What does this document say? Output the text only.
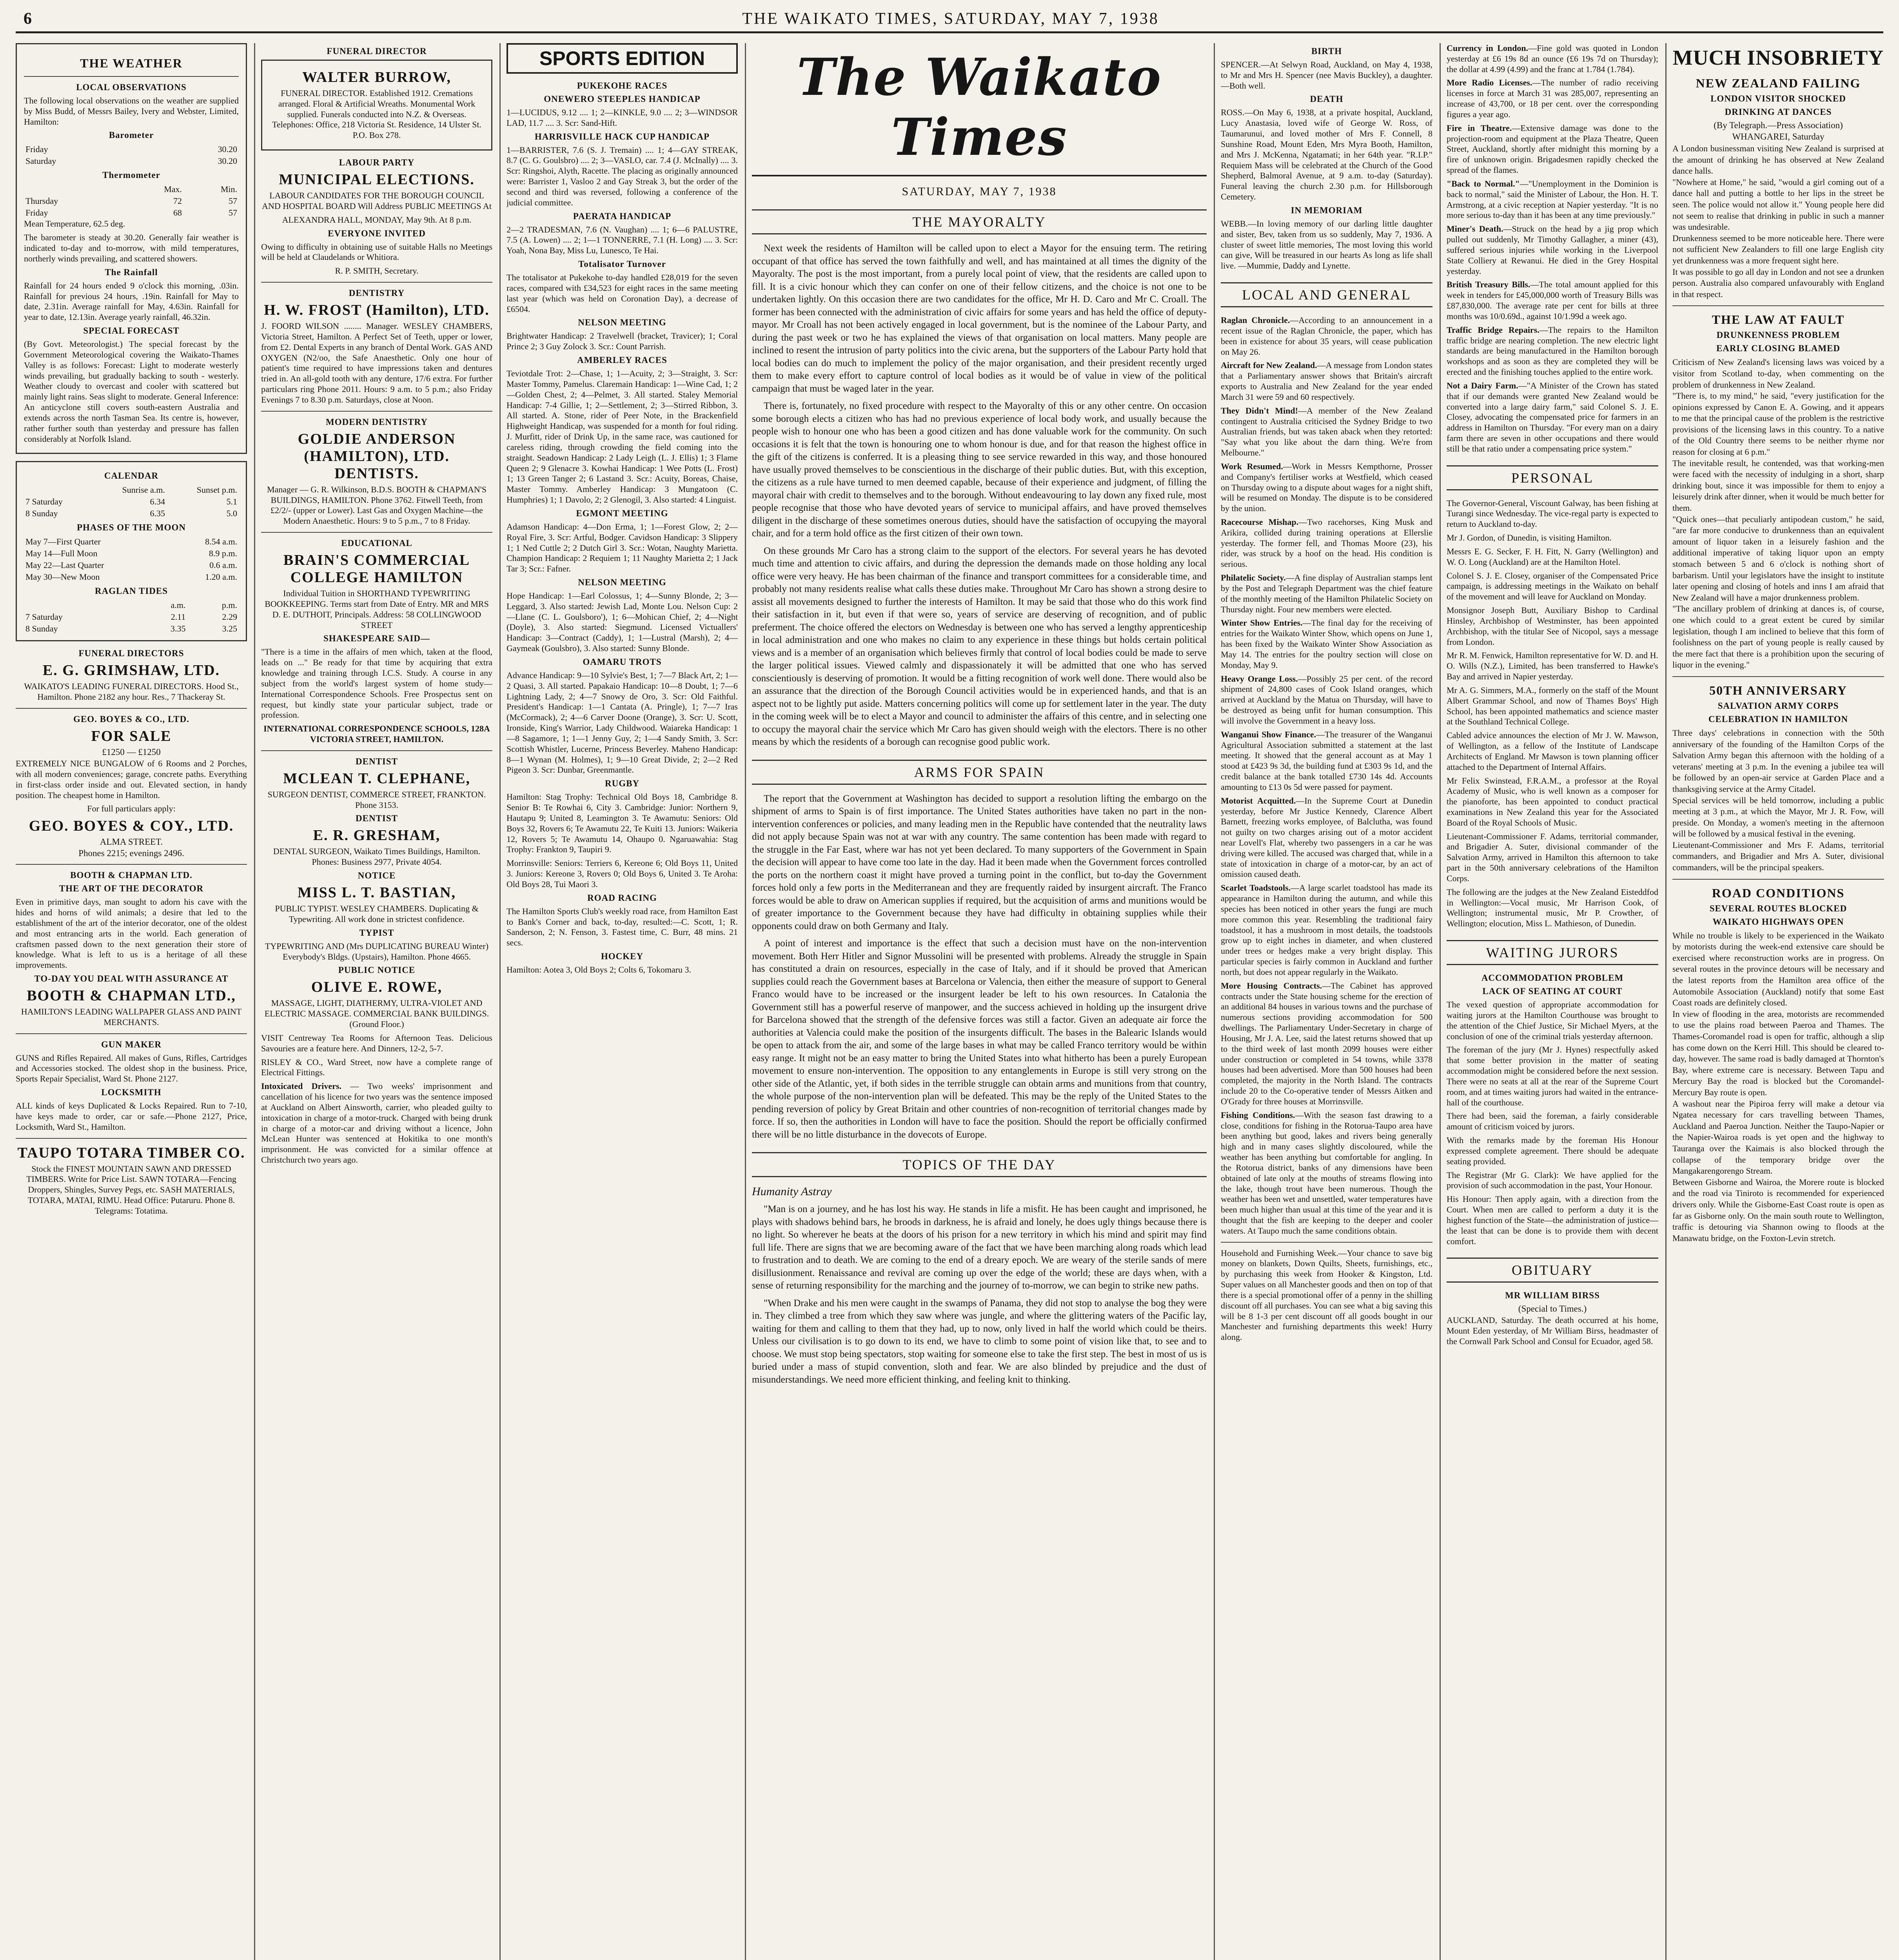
6	THE WAIKATO TIMES, SATURDAY, MAY 7, 1938
THE WEATHER
LOCAL OBSERVATIONS

The following local observations on the weather are supplied by Miss Budd, of Messrs Bailey, Ivery and Webster, Limited, Hamilton:

Barometer
Friday	30.20
Saturday	30.20
Thermometer
	Max.	Min.
Thursday	72	57
Friday	68	57

Mean Temperature, 62.5 deg.

The barometer is steady at 30.20. Generally fair weather is indicated to-day and to-morrow, with mild temperatures, northerly winds prevailing, and scattered showers.

The Rainfall

Rainfall for 24 hours ended 9 o'clock this morning, .03in. Rainfall for previous 24 hours, .19in. Rainfall for May to date, 2.31in. Average rainfall for May, 4.63in. Rainfall for year to date, 12.13in. Average yearly rainfall, 46.32in.

SPECIAL FORECAST

(By Govt. Meteorologist.) The special forecast by the Government Meteorological covering the Waikato-Thames Valley is as follows: Forecast: Light to moderate westerly winds prevailing, but gradually backing to south - westerly. Weather cloudy to overcast and cooler with scattered but mainly light rains. Seas slight to moderate. General Inference: An anticyclone still covers south-eastern Australia and extends across the north Tasman Sea. Its centre is, however, rather further south than yesterday and pressure has fallen considerably at Norfolk Island.

CALENDAR
	Sunrise a.m.	Sunset p.m.
7 Saturday	6.34	5.1
8 Sunday	6.35	5.0
PHASES OF THE MOON
May 7—First Quarter	8.54 a.m.
May 14—Full Moon	8.9 p.m.
May 22—Last Quarter	0.6 a.m.
May 30—New Moon	1.20 a.m.
RAGLAN TIDES
	a.m.	p.m.
7 Saturday	2.11	2.29
8 Sunday	3.35	3.25
FUNERAL DIRECTORS
E. G. GRIMSHAW, LTD.

WAIKATO'S LEADING FUNERAL DIRECTORS. Hood St., Hamilton. Phone 2182 any hour. Res., 7 Thackeray St.

GEO. BOYES & CO., LTD.
FOR SALE
£1250 — £1250

EXTREMELY NICE BUNGALOW of 6 Rooms and 2 Porches, with all modern conveniences; garage, concrete paths. Everything in first-class order inside and out. Elevated section, in handy position. The cheapest home in Hamilton.

For full particulars apply:

GEO. BOYES & COY., LTD.
ALMA STREET.
Phones 2215; evenings 2496.
BOOTH & CHAPMAN LTD.
THE ART OF THE DECORATOR

Even in primitive days, man sought to adorn his cave with the hides and horns of wild animals; a desire that led to the establishment of the art of the interior decorator, one of the oldest and most entrancing arts in the world. Each generation of craftsmen passed down to the next generation their store of knowledge. What is left to us is a heritage of all these improvements.

TO-DAY YOU DEAL WITH ASSURANCE AT
BOOTH & CHAPMAN LTD.,

HAMILTON'S LEADING WALLPAPER GLASS AND PAINT MERCHANTS.

GUN MAKER

GUNS and Rifles Repaired. All makes of Guns, Rifles, Cartridges and Accessories stocked. The oldest shop in the business. Price, Sports Repair Specialist, Ward St. Phone 2127.

LOCKSMITH

ALL kinds of keys Duplicated & Locks Repaired. Run to 7-10, have keys made to order, car or safe.—Phone 2127, Price, Locksmith, Ward St., Hamilton.

TAUPO TOTARA TIMBER CO.

Stock the FINEST MOUNTAIN SAWN AND DRESSED TIMBERS. Write for Price List. SAWN TOTARA—Fencing Droppers, Shingles, Survey Pegs, etc. SASH MATERIALS, TOTARA, MATAI, RIMU. Head Office: Putaruru. Phone 8. Telegrams: Totatima.

FUNERAL DIRECTOR
WALTER BURROW,

FUNERAL DIRECTOR. Established 1912. Cremations arranged. Floral & Artificial Wreaths. Monumental Work supplied. Funerals conducted into N.Z. & Overseas. Telephones: Office, 218 Victoria St. Residence, 14 Ulster St. P.O. Box 278.

LABOUR PARTY
MUNICIPAL ELECTIONS.

LABOUR CANDIDATES FOR THE BOROUGH COUNCIL AND HOSPITAL BOARD Will Address PUBLIC MEETINGS At

ALEXANDRA HALL, MONDAY, May 9th. At 8 p.m.

EVERYONE INVITED

Owing to difficulty in obtaining use of suitable Halls no Meetings will be held at Claudelands or Whitiora.

R. P. SMITH, Secretary.

DENTISTRY
H. W. FROST (Hamilton), LTD.

J. FOORD WILSON ........ Manager. WESLEY CHAMBERS, Victoria Street, Hamilton. A Perfect Set of Teeth, upper or lower, from £2. Dental Experts in any branch of Dental Work. GAS AND OXYGEN (N2/oo, the Safe Anaesthetic. Only one hour of patient's time required to have impressions taken and dentures tried in. An all-gold tooth with any denture, 17/6 extra. For further particulars ring Phone 2011. Hours: 9 a.m. to 5 p.m.; also Friday Evenings 7 to 8.30 p.m. Saturdays, close at Noon.

MODERN DENTISTRY
GOLDIE ANDERSON (HAMILTON), LTD. DENTISTS.

Manager — G. R. Wilkinson, B.D.S. BOOTH & CHAPMAN'S BUILDINGS, HAMILTON. Phone 3762. Fitwell Teeth, from £2/2/- (upper or Lower). Last Gas and Oxygen Machine—the Modern Anaesthetic. Hours: 9 to 5 p.m., 7 to 8 Friday.

EDUCATIONAL
BRAIN'S COMMERCIAL COLLEGE HAMILTON

Individual Tuition in SHORTHAND TYPEWRITING BOOKKEEPING. Terms start from Date of Entry. MR and MRS D. E. DUTHOIT, Principals. Address: 58 COLLINGWOOD STREET

SHAKESPEARE SAID—

"There is a time in the affairs of men which, taken at the flood, leads on ..." Be ready for that time by acquiring that extra knowledge and training through I.C.S. Study. A course in any subject from the world's largest system of home study—International Correspondence Schools. Free Prospectus sent on request, but kindly state your particular subject, trade or profession.

INTERNATIONAL CORRESPONDENCE SCHOOLS, 128A VICTORIA STREET, HAMILTON.

DENTIST
MCLEAN T. CLEPHANE,

SURGEON DENTIST, COMMERCE STREET, FRANKTON. Phone 3153.

DENTIST
E. R. GRESHAM,

DENTAL SURGEON, Waikato Times Buildings, Hamilton. Phones: Business 2977, Private 4054.

NOTICE
MISS L. T. BASTIAN,

PUBLIC TYPIST. WESLEY CHAMBERS. Duplicating & Typewriting. All work done in strictest confidence.

TYPIST

TYPEWRITING AND (Mrs DUPLICATING BUREAU Winter) Everybody's Bldgs. (Upstairs), Hamilton. Phone 4665.

PUBLIC NOTICE
OLIVE E. ROWE,

MASSAGE, LIGHT, DIATHERMY, ULTRA-VIOLET AND ELECTRIC MASSAGE. COMMERCIAL BANK BUILDINGS. (Ground Floor.)

VISIT Centreway Tea Rooms for Afternoon Teas. Delicious Savouries are a feature here. And Dinners, 12-2, 5-7.

RISLEY & CO., Ward Street, now have a complete range of Electrical Fittings.

Intoxicated Drivers. — Two weeks' imprisonment and cancellation of his licence for two years was the sentence imposed at Auckland on Albert Ainsworth, carrier, who pleaded guilty to intoxication in charge of a motor-truck. Charged with being drunk in charge of a motor-car and driving without a licence, John McLean Hunter was sentenced at Hokitika to one month's imprisonment. He was convicted for a similar offence at Christchurch two years ago.

SPORTS EDITION
PUKEKOHE RACES
ONEWERO STEEPLES HANDICAP

1—LUCIDUS, 9.12 .... 1; 2—KINKLE, 9.0 .... 2; 3—WINDSOR LAD, 11.7 .... 3. Scr: Sand-Hift.

HARRISVILLE HACK CUP HANDICAP

1—BARRISTER, 7.6 (S. J. Tremain) .... 1; 4—GAY STREAK, 8.7 (C. G. Goulsbro) .... 2; 3—VASLO, car. 7.4 (J. McInally) .... 3. Scr: Ringshoi, Alyth, Racette. The placing as originally announced were: Barrister 1, Vasloo 2 and Gay Streak 3, but the order of the second and third was reversed, following a conference of the judicial committee.

PAERATA HANDICAP

2—2 TRADESMAN, 7.6 (N. Vaughan) .... 1; 6—6 PALUSTRE, 7.5 (A. Lowen) .... 2; 1—1 TONNERRE, 7.1 (H. Long) .... 3. Scr: Yoah, Nona Bay, Miss Lu, Lunesco, Te Hai.

Totalisator Turnover

The totalisator at Pukekohe to-day handled £28,019 for the seven races, compared with £34,523 for eight races in the same meeting last year (which was held on Coronation Day), a decrease of £6504.

NELSON MEETING

Brightwater Handicap: 2 Travelwell (bracket, Travicer); 1; Coral Prince 2; 3 Guy Zolock 3. Scr.: Count Parrish.

AMBERLEY RACES

Teviotdale Trot: 2—Chase, 1; 1—Acuity, 2; 3—Straight, 3. Scr: Master Tommy, Pamelus. Claremain Handicap: 1—Wine Cad, 1; 2—Golden Chest, 2; 4—Pelmet, 3. All started. Staley Memorial Handicap: 7-4 Gillie, 1; 2—Settlement, 2; 3—Stirred Ribbon, 3. All started. A. Stone, rider of Peer Note, in the Brackenfield Highweight Handicap, was suspended for a month for foul riding. J. Murfitt, rider of Drink Up, in the same race, was cautioned for careless riding, through crowding the field coming into the straight. Seadown Handicap: 2 Lady Leigh (L. J. Ellis) 1; 3 Flame Queen 2; 9 Glenacre 3. Kowhai Handicap: 1 Wee Potts (L. Frost) 1; 13 Green Tanger 2; 6 Lastand 3. Scr.: Acuity, Boreas, Chaise, Master Tommy. Amberley Handicap: 3 Mungatoon (C. Humphries) 1; 1 Davolo, 2; 2 Glenogil, 3. Also started: 4 Linguist.

EGMONT MEETING

Adamson Handicap: 4—Don Erma, 1; 1—Forest Glow, 2; 2—Royal Fire, 3. Scr: Artful, Bodger. Cavidson Handicap: 3 Slippery 1; 1 Ned Cuttle 2; 2 Dutch Girl 3. Scr.: Wotan, Naughty Marietta. Champion Handicap: 2 Requiem 1; 11 Naughty Marietta 2; 1 Jack Tar 3; Scr.: Fafner.

NELSON MEETING

Hope Handicap: 1—Earl Colossus, 1; 4—Sunny Blonde, 2; 3—Leggard, 3. Also started: Jewish Lad, Monte Lou. Nelson Cup: 2—Llane (C. L. Goulsboro'), 1; 6—Mohican Chief, 2; 4—Night (Doyle), 3. Also started: Siegmund. Licensed Victuallers' Handicap: 3—Contract (Caddy), 1; 1—Lustral (Marsh), 2; 4—Gaymeak (Goulsbro), 3. Also started: Sunny Blonde.

OAMARU TROTS

Advance Handicap: 9—10 Sylvie's Best, 1; 7—7 Black Art, 2; 1—2 Quasi, 3. All started. Papakaio Handicap: 10—8 Doubt, 1; 7—6 Lightning Lady, 2; 4—7 Snowy de Oro, 3. Scr: Old Faithful. President's Handicap: 1—1 Cantata (A. Pringle), 1; 7—7 Iras (McCormack), 2; 4—6 Carver Doone (Orange), 3. Scr: U. Scott, Ironside, King's Warrior, Lady Childwood. Waiareka Handicap: 1—8 Sagamore, 1; 1—1 Jenny Guy, 2; 1—4 Sandy Smith, 3. Scr: Scottish Whistler, Lucerne, Princess Beverley. Maheno Handicap: 8—1 Wynan (M. Holmes), 1; 9—10 Great Divide, 2; 2—2 Red Pigeon 3. Scr: Dunbar, Greenmantle.

RUGBY

Hamilton: Stag Trophy: Technical Old Boys 18, Cambridge 8. Senior B: Te Rowhai 6, City 3. Cambridge: Junior: Northern 9, Hautapu 9; United 8, Leamington 3. Te Awamutu: Seniors: Old Boys 32, Rovers 6; Te Awamutu 22, Te Kuiti 13. Juniors: Waikeria 12, Rovers 5; Te Awamutu 14, Ohaupo 0. Ngaruawahia: Stag Trophy: Frankton 9, Taupiri 9.

Morrinsville: Seniors: Terriers 6, Kereone 6; Old Boys 11, United 3. Juniors: Kereone 3, Rovers 0; Old Boys 6, United 3. Te Aroha: Old Boys 28, Tui Maori 3.

ROAD RACING

The Hamilton Sports Club's weekly road race, from Hamilton East to Bank's Corner and back, to-day, resulted:—C. Scott, 1; R. Sanderson, 2; N. Fenson, 3. Fastest time, C. Burr, 48 mins. 21 secs.

HOCKEY

Hamilton: Aotea 3, Old Boys 2; Colts 6, Tokomaru 3.

The Waikato Times
SATURDAY, MAY 7, 1938
THE MAYORALTY

Next week the residents of Hamilton will be called upon to elect a Mayor for the ensuing term. The retiring occupant of that office has served the town faithfully and well, and has maintained at all times the dignity of the Mayoralty. The post is the most important, from a purely local point of view, that the residents are called upon to fill. It is a civic honour which they can confer on one of their fellow citizens, and the choice is not one to be undertaken lightly. On this occasion there are two candidates for the office, Mr H. D. Caro and Mr C. Croall. The former has been connected with the administration of civic affairs for some years and has held the office of deputy-mayor. Mr Croall has not been actively engaged in local government, but is the nominee of the Labour Party, and during the past week or two he has explained the views of that organisation on local matters. Many people are inclined to resent the intrusion of party politics into the civic arena, but the supporters of the Labour Party hold that local bodies can do much to implement the policy of the major organisation, and their president recently urged them to make every effort to capture control of local bodies as it would be of value in view of the political campaign that must be waged later in the year.

There is, fortunately, no fixed procedure with respect to the Mayoralty of this or any other centre. On occasion some borough elects a citizen who has had no previous experience of local body work, and usually because the people wish to honour one who has been a good citizen and has done valuable work for the community. On such occasions it is felt that the town is honouring one to whom honour is due, and for that reason the highest office in the gift of the citizens is conferred. It is a pleasing thing to see service rewarded in this way, and those honoured have usually proved themselves to be conscientious in the discharge of their public duties. But, with this exception, the citizens as a rule have turned to men deemed capable, because of their experience and judgment, of filling the mayoral chair with credit to themselves and to the borough. Without endeavouring to lay down any fixed rule, most people recognise that those who have devoted years of service to municipal affairs, and have proved themselves diligent in the discharge of these sometimes onerous duties, should have the satisfaction of occupying the mayoral chair, and for a term hold office as the first citizen of their own town.

On these grounds Mr Caro has a strong claim to the support of the electors. For several years he has devoted much time and attention to civic affairs, and during the depression the demands made on those holding any local office were very heavy. He has been chairman of the finance and transport committees for a considerable time, and probably not many residents realise what calls these duties make. Throughout Mr Caro has shown a strong desire to assist all movements designed to further the interests of Hamilton. It may be said that those who do this work find their satisfaction in it, but even if that were so, years of service are deserving of recognition, and of public preferment. The choice offered the electors on Wednesday is between one who has served a lengthy apprenticeship in local administration and one who makes no claim to any experience in these things but holds certain political views and is a member of an organisation which believes firmly that control of local bodies could be made to serve the larger political issues. Viewed calmly and dispassionately it will be admitted that one who has served conscientiously is deserving of promotion. It would be a fitting recognition of work well done. There would also be an assurance that the direction of the Borough Council activities would be in experienced hands, and that is an aspect not to be lightly put aside. Matters concerning politics will come up for settlement later in the year. The duty in the coming week will be to elect a Mayor and council to administer the affairs of this centre, and in selecting one to occupy the mayoral chair the service which Mr Caro has given should weigh with the electors. There is no other means by which the residents of a borough can recognise good public work.

ARMS FOR SPAIN

The report that the Government at Washington has decided to support a resolution lifting the embargo on the shipment of arms to Spain is of first importance. The United States authorities have taken no part in the non-intervention conferences or policies, and many leading men in the Republic have contended that the neutrality laws did not apply because Spain was not at war with any country. The same contention has been made with regard to the struggle in the Far East, where war has not yet been declared. To many supporters of the Government in Spain the decision will appear to have come too late in the day. Had it been made when the Government forces controlled the ports on the northern coast it might have proved a turning point in the conflict, but to-day the Government forces hold only a few ports in the Mediterranean and they are frequently raided by insurgent aircraft. The Franco forces would be able to draw on American supplies if required, but the acquisition of arms and munitions would be of greater importance to the Government because they have had difficulty in obtaining supplies while their opponents could draw on both Germany and Italy.

A point of interest and importance is the effect that such a decision must have on the non-intervention movement. Both Herr Hitler and Signor Mussolini will be presented with problems. Already the struggle in Spain has constituted a drain on resources, especially in the case of Italy, and if it should be proved that American supplies could reach the Government bases at Barcelona or Valencia, then either the measure of support to General Franco would have to be increased or the insurgent leader be left to his own resources. In Catalonia the Government still has a powerful reserve of manpower, and the success achieved in holding up the insurgent drive for Barcelona showed that the strength of the defensive forces was still a factor. Given an adequate air force the authorities at Valencia could make the position of the insurgents difficult. The bases in the Balearic Islands would be open to attack from the air, and some of the large bases in what may be called Franco territory would be within easy range. It might not be an easy matter to bring the United States into what hitherto has been a purely European movement to ensure non-intervention. The opposition to any entanglements in Europe is still very strong on the other side of the Atlantic, yet, if both sides in the terrible struggle can obtain arms and munitions from that country, the whole purpose of the non-intervention plan will be defeated. This may be the reply of the United States to the pending reversion of policy by Great Britain and other countries of non-recognition of territorial changes made by force. If so, then the authorities in London will have to face the position. Should the report be officially confirmed there will be no little disturbance in the dovecots of Europe.

TOPICS OF THE DAY
Humanity Astray

"Man is on a journey, and he has lost his way. He stands in life a misfit. He has been caught and imprisoned, he plays with shadows behind bars, he broods in darkness, he is afraid and lonely, he does ugly things because there is no light. So wherever he beats at the doors of his prison for a new territory in which his mind and spirit may find full life. There are signs that we are becoming aware of the fact that we have been marching along roads which lead to frustration and to death. We are coming to the end of a dreary epoch. We are weary of the sterile sands of mere disillusionment. Renaissance and revival are coming up over the edge of the world; these are days when, with a sense of returning responsibility for the marching and the journey of to-morrow, we can begin to strike new paths.

"When Drake and his men were caught in the swamps of Panama, they did not stop to analyse the bog they were in. They climbed a tree from which they saw where was jungle, and where the glittering waters of the Pacific lay, waiting for them and calling to them that they had, up to now, only lived in half the world which could be theirs. Unless our civilisation is to go down to its end, we have to climb to some point of vision like that, to see and to choose. We must stop being spectators, stop waiting for someone else to take the first step. The best in most of us is buried under a mass of stupid convention, sloth and fear. We are also blinded by prejudice and the dust of misunderstandings. We need more efficient thinking, and feeling knit to thinking.

BIRTH

SPENCER.—At Selwyn Road, Auckland, on May 4, 1938, to Mr and Mrs H. Spencer (nee Mavis Buckley), a daughter.—Both well.

DEATH

ROSS.—On May 6, 1938, at a private hospital, Auckland, Lucy Anastasia, loved wife of George W. Ross, of Taumarunui, and loved mother of Mrs F. Connell, 8 Sunshine Road, Mount Eden, Mrs Myra Booth, Hamilton, and Mrs J. McKenna, Ngatamati; in her 64th year. "R.I.P." Requiem Mass will be celebrated at the Church of the Good Shepherd, Balmoral Avenue, at 9 a.m. to-day (Saturday). Funeral leaving the church 2.30 p.m. for Hillsborough Cemetery.

IN MEMORIAM

WEBB.—In loving memory of our darling little daughter and sister, Bev, taken from us so suddenly, May 7, 1936. A cluster of sweet little memories, The most loving this world can give, Will be treasured in our hearts As long as life shall live. —Mummie, Daddy and Lynette.

LOCAL AND GENERAL

Raglan Chronicle.—According to an announcement in a recent issue of the Raglan Chronicle, the paper, which has been in existence for about 35 years, will cease publication on May 26.

Aircraft for New Zealand.—A message from London states that a Parliamentary answer shows that Britain's aircraft exports to Australia and New Zealand for the year ended March 31 were 59 and 60 respectively.

They Didn't Mind!—A member of the New Zealand contingent to Australia criticised the Sydney Bridge to two Australian friends, but was taken aback when they retorted: "Say what you like about the darn thing. We're from Melbourne."

Work Resumed.—Work in Messrs Kempthorne, Prosser and Company's fertiliser works at Westfield, which ceased on Thursday owing to a dispute about wages for a night shift, will be resumed on Monday. The dispute is to be considered by the union.

Racecourse Mishap.—Two racehorses, King Musk and Arikira, collided during training operations at Ellerslie yesterday. The former fell, and Thomas Moore (23), his rider, was struck by a hoof on the head. His condition is serious.

Philatelic Society.—A fine display of Australian stamps lent by the Post and Telegraph Department was the chief feature of the monthly meeting of the Hamilton Philatelic Society on Thursday night. Four new members were elected.

Winter Show Entries.—The final day for the receiving of entries for the Waikato Winter Show, which opens on June 1, has been fixed by the Waikato Winter Show Association as May 14. The entries for the poultry section will close on Monday, May 9.

Heavy Orange Loss.—Possibly 25 per cent. of the record shipment of 24,800 cases of Cook Island oranges, which arrived at Auckland by the Matua on Thursday, will have to be destroyed as being unfit for human consumption. This will involve the Government in a heavy loss.

Wanganui Show Finance.—The treasurer of the Wanganui Agricultural Association submitted a statement at the last meeting. It showed that the general account as at May 1 stood at £423 9s 3d, the building fund at £303 9s 1d, and the credit balance at the bank totalled £730 14s 4d. Accounts amounting to £13 0s 5d were passed for payment.

Motorist Acquitted.—In the Supreme Court at Dunedin yesterday, before Mr Justice Kennedy, Clarence Albert Barnett, freezing works employee, of Balclutha, was found not guilty on two charges arising out of a motor accident near Lovell's Flat, whereby two passengers in a car he was driving were killed. The accused was charged that, while in a state of intoxication in charge of a motor-car, by an act of omission caused death.

Scarlet Toadstools.—A large scarlet toadstool has made its appearance in Hamilton during the autumn, and while this species has been noticed in other years the fungi are much more common this year. Resembling the traditional fairy toadstool, it has a mushroom in most details, the toadstools grow up to eight inches in diameter, and when clustered under trees or hedges make a very bright display. This particular species is fairly common in Auckland and further north, but does not appear regularly in the Waikato.

More Housing Contracts.—The Cabinet has approved contracts under the State housing scheme for the erection of an additional 84 houses in various towns and the purchase of numerous sections providing accommodation for 500 dwellings. The Parliamentary Under-Secretary in charge of Housing, Mr J. A. Lee, said the latest returns showed that up to the third week of last month 2099 houses were either under construction or completed in 54 towns, while 3378 houses had been advertised. More than 500 houses had been completed, the majority in the North Island. The contracts include 20 to the Co-operative tender of Messrs Aitken and O'Grady for three houses at Morrinsville.

Fishing Conditions.—With the season fast drawing to a close, conditions for fishing in the Rotorua-Taupo area have been anything but good, lakes and rivers being generally high and in many cases slightly discoloured, while the weather has been anything but comfortable for angling. In the Rotorua district, banks of any dimensions have been obtained of late only at the mouths of streams flowing into the lake, though trout have been numerous. Though the weather has been wet and unsettled, water temperatures have been much higher than usual at this time of the year and it is thought that the fish are keeping to the deeper and cooler waters. At Taupo much the same conditions obtain.

Household and Furnishing Week.—Your chance to save big money on blankets, Down Quilts, Sheets, furnishings, etc., by purchasing this week from Hooker & Kingston, Ltd. Super values on all Manchester goods and then on top of that there is a special promotional offer of a penny in the shilling discount off all purchases. You can see what a big saving this will be 8 1-3 per cent discount off all goods bought in our Manchester and furnishing departments this week! Hurry along.

Currency in London.—Fine gold was quoted in London yesterday at £6 19s 8d an ounce (£6 19s 7d on Thursday); the dollar at 4.99 (4.99) and the franc at 1.784 (1.784).

More Radio Licenses.—The number of radio receiving licenses in force at March 31 was 285,007, representing an increase of 43,700, or 18 per cent. over the corresponding figures a year ago.

Fire in Theatre.—Extensive damage was done to the projection-room and equipment at the Plaza Theatre, Queen Street, Auckland, shortly after midnight this morning by a fire of unknown origin. Brigadesmen rapidly checked the spread of the flames.

"Back to Normal."—"Unemployment in the Dominion is back to normal," said the Minister of Labour, the Hon. H. T. Armstrong, at a civic reception at Napier yesterday. "It is no more serious to-day than it has been at any time previously."

Miner's Death.—Struck on the head by a jig prop which pulled out suddenly, Mr Timothy Gallagher, a miner (43), suffered serious injuries while working in the Liverpool State Colliery at Rewanui. He died in the Grey Hospital yesterday.

British Treasury Bills.—The total amount applied for this week in tenders for £45,000,000 worth of Treasury Bills was £87,830,000. The average rate per cent for bills at three months was 10/0.69d., against 10/1.99d a week ago.

Traffic Bridge Repairs.—The repairs to the Hamilton traffic bridge are nearing completion. The new electric light standards are being manufactured in the Hamilton borough workshops and as soon as they are completed they will be erected and the finishing touches applied to the entire work.

Not a Dairy Farm.—"A Minister of the Crown has stated that if our demands were granted New Zealand would be converted into a large dairy farm," said Colonel S. J. E. Closey, advocating the compensated price for farmers in an address in Hamilton on Thursday. "For every man on a dairy farm there are seven in other occupations and there would still be that ratio under a compensating price system."

PERSONAL

The Governor-General, Viscount Galway, has been fishing at Turangi since Wednesday. The vice-regal party is expected to return to Auckland to-day.

Mr J. Gordon, of Dunedin, is visiting Hamilton.

Messrs E. G. Secker, F. H. Fitt, N. Garry (Wellington) and W. O. Long (Auckland) are at the Hamilton Hotel.

Colonel S. J. E. Closey, organiser of the Compensated Price campaign, is addressing meetings in the Waikato on behalf of the movement and will leave for Auckland on Monday.

Monsignor Joseph Butt, Auxiliary Bishop to Cardinal Hinsley, Archbishop of Westminster, has been appointed Archbishop, with the titular See of Nicopol, says a message from London.

Mr R. M. Fenwick, Hamilton representative for W. D. and H. O. Wills (N.Z.), Limited, has been transferred to Hawke's Bay and arrived in Napier yesterday.

Mr A. G. Simmers, M.A., formerly on the staff of the Mount Albert Grammar School, and now of Thames Boys' High School, has been appointed mathematics and science master at the Southland Technical College.

Cabled advice announces the election of Mr J. W. Mawson, of Wellington, as a fellow of the Institute of Landscape Architects of England. Mr Mawson is town planning officer attached to the Department of Internal Affairs.

Mr Felix Swinstead, F.R.A.M., a professor at the Royal Academy of Music, who is well known as a composer for the pianoforte, has been appointed to conduct practical examinations in New Zealand this year for the Associated Board of the Royal Schools of Music.

Lieutenant-Commissioner F. Adams, territorial commander, and Brigadier A. Suter, divisional commander of the Salvation Army, arrived in Hamilton this afternoon to take part in the 50th anniversary celebrations of the Hamilton Corps.

The following are the judges at the New Zealand Eisteddfod in Wellington:—Vocal music, Mr Harrison Cook, of Wellington; instrumental music, Mr P. Crowther, of Wellington; elocution, Miss L. Mathieson, of Dunedin.

WAITING JURORS
ACCOMMODATION PROBLEM
LACK OF SEATING AT COURT

The vexed question of appropriate accommodation for waiting jurors at the Hamilton Courthouse was brought to the attention of the Chief Justice, Sir Michael Myers, at the conclusion of one of the criminal trials yesterday afternoon.

The foreman of the jury (Mr J. Hynes) respectfully asked that some better provision in the matter of seating accommodation might be considered before the next session. There were no seats at all at the rear of the Supreme Court room, and at times waiting jurors had waited in the entrance-hall of the courthouse.

There had been, said the foreman, a fairly considerable amount of criticism voiced by jurors.

With the remarks made by the foreman His Honour expressed complete agreement. There should be adequate seating provided.

The Registrar (Mr G. Clark): We have applied for the provision of such accommodation in the past, Your Honour.

His Honour: Then apply again, with a direction from the Court. When men are called to perform a duty it is the highest function of the State—the administration of justice—the least that can be done is to provide them with decent comfort.

OBITUARY
MR WILLIAM BIRSS
(Special to Times.)

AUCKLAND, Saturday. The death occurred at his home, Mount Eden yesterday, of Mr William Birss, headmaster of the Cornwall Park School and Consul for Ecuador, aged 58.

MUCH INSOBRIETY
NEW ZEALAND FAILING
LONDON VISITOR SHOCKED
DRINKING AT DANCES
(By Telegraph.—Press Association)
WHANGAREI, Saturday

A London businessman visiting New Zealand is surprised at the amount of drinking he has observed at New Zealand dance halls.

"Nowhere at Home," he said, "would a girl coming out of a dance hall and putting a bottle to her lips in the street be seen. The police would not allow it." Young people here did not seem to realise that drinking in public in such a manner was undesirable.

Drunkenness seemed to be more noticeable here. There were not sufficient New Zealanders to fill one large English city yet drunkenness was a more frequent sight here.

It was possible to go all day in London and not see a drunken person. Australia also compared unfavourably with England in that respect.

THE LAW AT FAULT
DRUNKENNESS PROBLEM
EARLY CLOSING BLAMED

Criticism of New Zealand's licensing laws was voiced by a visitor from Scotland to-day, when commenting on the problem of drunkenness in New Zealand.

"There is, to my mind," he said, "every justification for the opinions expressed by Canon E. A. Gowing, and it appears to me that the principal cause of the problem is the restrictive provisions of the licensing laws in this country. To a native of the Old Country there seems to be neither rhyme nor reason for closing at 6 p.m."

The inevitable result, he contended, was that working-men were faced with the necessity of indulging in a short, sharp drinking bout, since it was impossible for them to enjoy a leisurely drink after dinner, when it would be much better for them.

"Quick ones—that peculiarly antipodean custom," he said, "are far more conducive to drunkenness than an equivalent amount of liquor taken in a leisurely fashion and the additional imperative of taking liquor upon an empty stomach between 5 and 6 o'clock is nothing short of barbarism. Until your legislators have the insight to institute later opening and closing of hotels and inns I am afraid that New Zealand will have a major drunkenness problem.

"The ancillary problem of drinking at dances is, of course, one which could to a great extent be cured by similar legislation, though I am inclined to believe that this form of foolishness on the part of young people is really caused by the mere fact that there is a prohibition upon the securing of liquor in the evening."

50TH ANNIVERSARY
SALVATION ARMY CORPS
CELEBRATION IN HAMILTON

Three days' celebrations in connection with the 50th anniversary of the founding of the Hamilton Corps of the Salvation Army began this afternoon with the holding of a veterans' meeting at 3 p.m. In the evening a jubilee tea will be followed by an open-air service at Garden Place and a thanksgiving service at the Army Citadel.

Special services will be held tomorrow, including a public meeting at 3 p.m., at which the Mayor, Mr J. R. Fow, will preside. On Monday, a women's meeting in the afternoon will be followed by a musical festival in the evening.

Lieutenant-Commissioner and Mrs F. Adams, territorial commanders, and Brigadier and Mrs A. Suter, divisional commanders, will be the principal speakers.

ROAD CONDITIONS
SEVERAL ROUTES BLOCKED
WAIKATO HIGHWAYS OPEN

While no trouble is likely to be experienced in the Waikato by motorists during the week-end extensive care should be exercised where reconstruction works are in progress. On several routes in the province detours will be necessary and the latest reports from the Hamilton area office of the Automobile Association (Auckland) notify that some East Coast roads are definitely closed.

In view of flooding in the area, motorists are recommended to use the plains road between Paeroa and Thames. The Thames-Coromandel road is open for traffic, although a slip has come down on the Kerri Hill. This should be cleared to-day, however. The same road is badly damaged at Thornton's Bay, where extreme care is necessary. Between Tapu and Mercury Bay the road is blocked but the Coromandel-Mercury Bay route is open.

A washout near the Pipiroa ferry will make a detour via Ngatea necessary for cars travelling between Thames, Auckland and Paeroa Junction. Neither the Taupo-Napier or the Napier-Wairoa roads is yet open and the highway to Tauranga over the Kaimais is also blocked through the collapse of the temporary bridge over the Mangakarengorengo Stream.

Between Gisborne and Wairoa, the Morere route is blocked and the road via Tiniroto is recommended for experienced drivers only. While the Gisborne-East Coast route is open as far as Gisborne only. On the main south route to Wellington, traffic is detouring via Shannon owing to floods at the Manawatu bridge, on the Foxton-Levin stretch.
